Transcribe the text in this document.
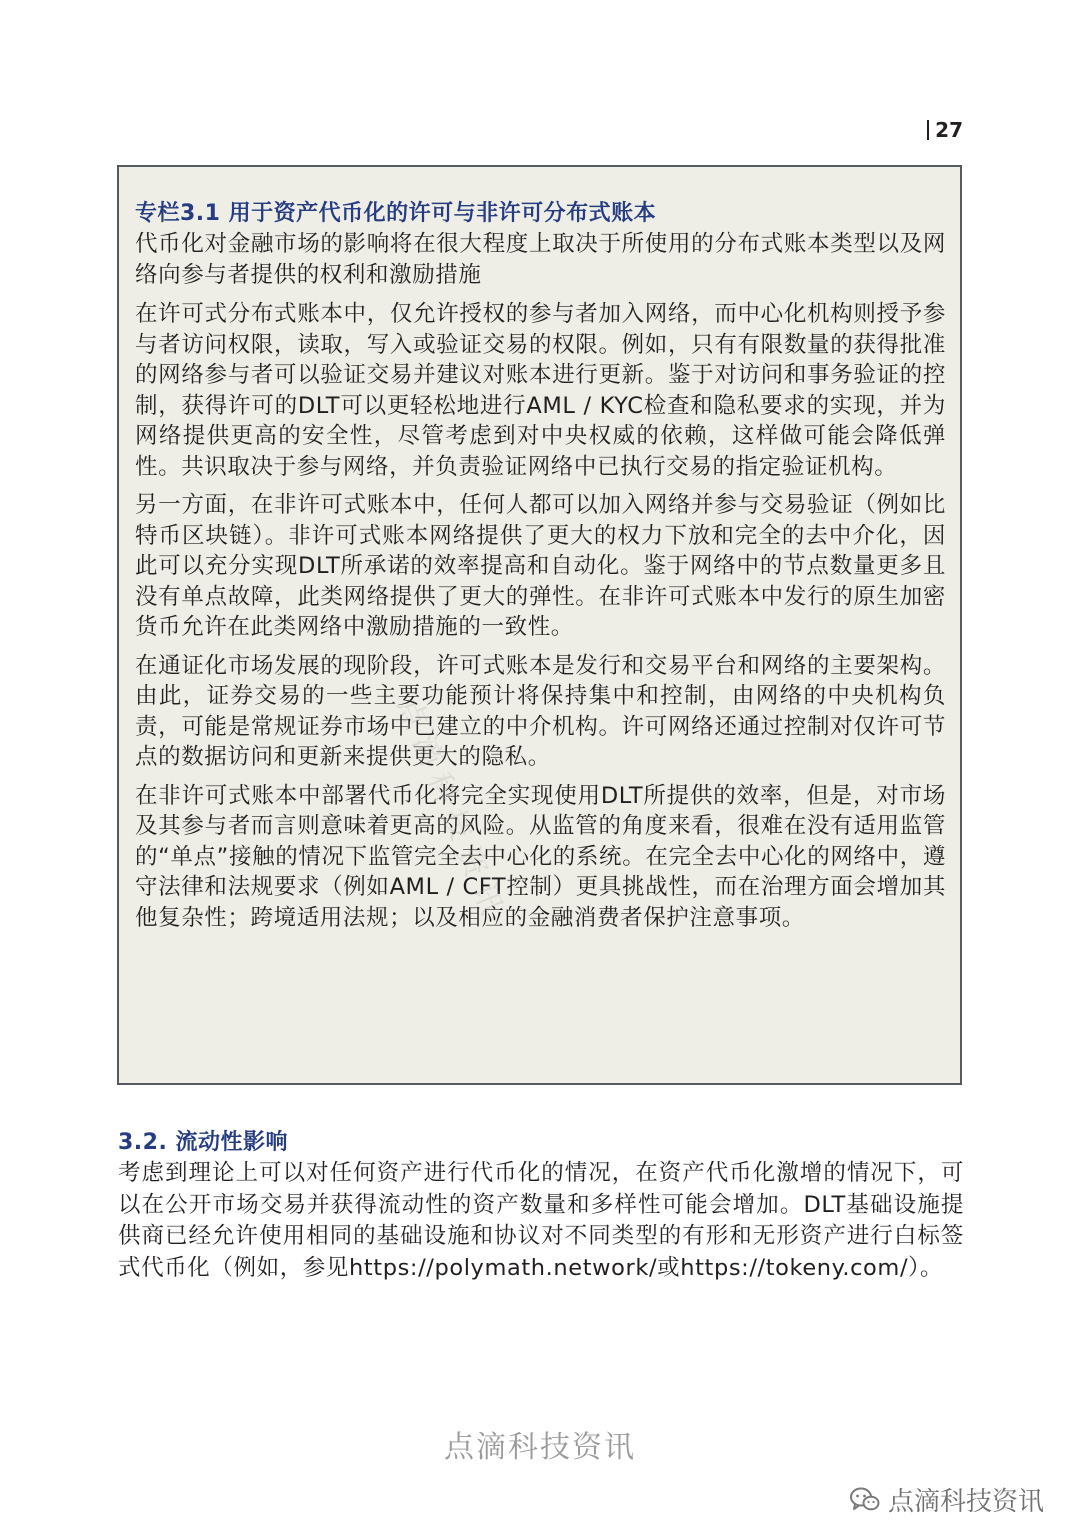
27
专栏3.1 用于资产代币化的许可与非许可分布式账本

代币化对金融市场的影响将在很大程度上取决于所使用的分布式账本类型以及网络向参与者提供的权利和激励措施

在许可式分布式账本中，仅允许授权的参与者加入网络，而中心化机构则授予参与者访问权限，读取，写入或验证交易的权限。例如，只有有限数量的获得批准的网络参与者可以验证交易并建议对账本进行更新。鉴于对访问和事务验证的控制，获得许可的DLT可以更轻松地进行AML / KYC检查和隐私要求的实现，并为网络提供更高的安全性，尽管考虑到对中央权威的依赖，这样做可能会降低弹性。共识取决于参与网络，并负责验证网络中已执行交易的指定验证机构。

另一方面，在非许可式账本中，任何人都可以加入网络并参与交易验证（例如比特币区块链）。非许可式账本网络提供了更大的权力下放和完全的去中介化，因此可以充分实现DLT所承诺的效率提高和自动化。鉴于网络中的节点数量更多且没有单点故障，此类网络提供了更大的弹性。在非许可式账本中发行的原生加密货币允许在此类网络中激励措施的一致性。

在通证化市场发展的现阶段，许可式账本是发行和交易平台和网络的主要架构。由此，证券交易的一些主要功能预计将保持集中和控制，由网络的中央机构负责，可能是常规证券市场中已建立的中介机构。许可网络还通过控制对仅许可节点的数据访问和更新来提供更大的隐私。

在非许可式账本中部署代币化将完全实现使用DLT所提供的效率，但是，对市场及其参与者而言则意味着更高的风险。从监管的角度来看，很难在没有适用监管的“单点”接触的情况下监管完全去中心化的系统。在完全去中心化的网络中，遵守法律和法规要求（例如AML / CFT控制）更具挑战性，而在治理方面会增加其他复杂性；跨境适用法规；以及相应的金融消费者保护注意事项。

点滴科技资讯
3.2. 流动性影响

考虑到理论上可以对任何资产进行代币化的情况，在资产代币化激增的情况下，可以在公开市场交易并获得流动性的资产数量和多样性可能会增加。DLT基础设施提供商已经允许使用相同的基础设施和协议对不同类型的有形和无形资产进行白标签式代币化（例如，参见https://polymath.network/或https://tokeny.com/）。

点滴科技资讯
点滴科技资讯
